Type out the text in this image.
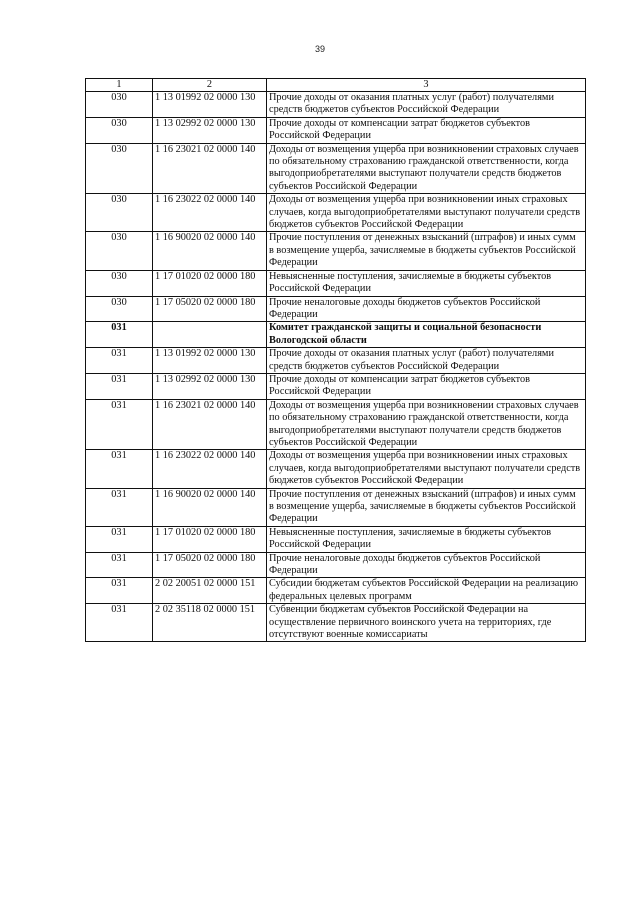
39
1	2	3
030	1 13 01992 02 0000 130	Прочие доходы от оказания платных услуг (работ) получателями средств бюджетов субъектов Российской Федерации
030	1 13 02992 02 0000 130	Прочие доходы от компенсации затрат бюджетов субъектов Российской Федерации
030	1 16 23021 02 0000 140	Доходы от возмещения ущерба при возникновении страховых случаев по обязательному страхованию гражданской ответственности, когда выгодоприобретателями выступают получатели средств бюджетов субъектов Российской Федерации
030	1 16 23022 02 0000 140	Доходы от возмещения ущерба при возникновении иных страховых случаев, когда выгодоприобретателями выступают получатели средств бюджетов субъектов Российской Федерации
030	1 16 90020 02 0000 140	Прочие поступления от денежных взысканий (штрафов) и иных сумм в возмещение ущерба, зачисляемые в бюджеты субъектов Российской Федерации
030	1 17 01020 02 0000 180	Невыясненные поступления, зачисляемые в бюджеты субъектов Российской Федерации
030	1 17 05020 02 0000 180	Прочие неналоговые доходы бюджетов субъектов Российской Федерации
031		Комитет гражданской защиты и социальной безопасности Вологодской области
031	1 13 01992 02 0000 130	Прочие доходы от оказания платных услуг (работ) получателями средств бюджетов субъектов Российской Федерации
031	1 13 02992 02 0000 130	Прочие доходы от компенсации затрат бюджетов субъектов Российской Федерации
031	1 16 23021 02 0000 140	Доходы от возмещения ущерба при возникновении страховых случаев по обязательному страхованию гражданской ответственности, когда выгодоприобретателями выступают получатели средств бюджетов субъектов Российской Федерации
031	1 16 23022 02 0000 140	Доходы от возмещения ущерба при возникновении иных страховых случаев, когда выгодоприобретателями выступают получатели средств бюджетов субъектов Российской Федерации
031	1 16 90020 02 0000 140	Прочие поступления от денежных взысканий (штрафов) и иных сумм в возмещение ущерба, зачисляемые в бюджеты субъектов Российской Федерации
031	1 17 01020 02 0000 180	Невыясненные поступления, зачисляемые в бюджеты субъектов Российской Федерации
031	1 17 05020 02 0000 180	Прочие неналоговые доходы бюджетов субъектов Российской Федерации
031	2 02 20051 02 0000 151	Субсидии бюджетам субъектов Российской Федерации на реализацию федеральных целевых программ
031	2 02 35118 02 0000 151	Субвенции бюджетам субъектов Российской Федерации на осуществление первичного воинского учета на территориях, где отсутствуют военные комиссариаты
